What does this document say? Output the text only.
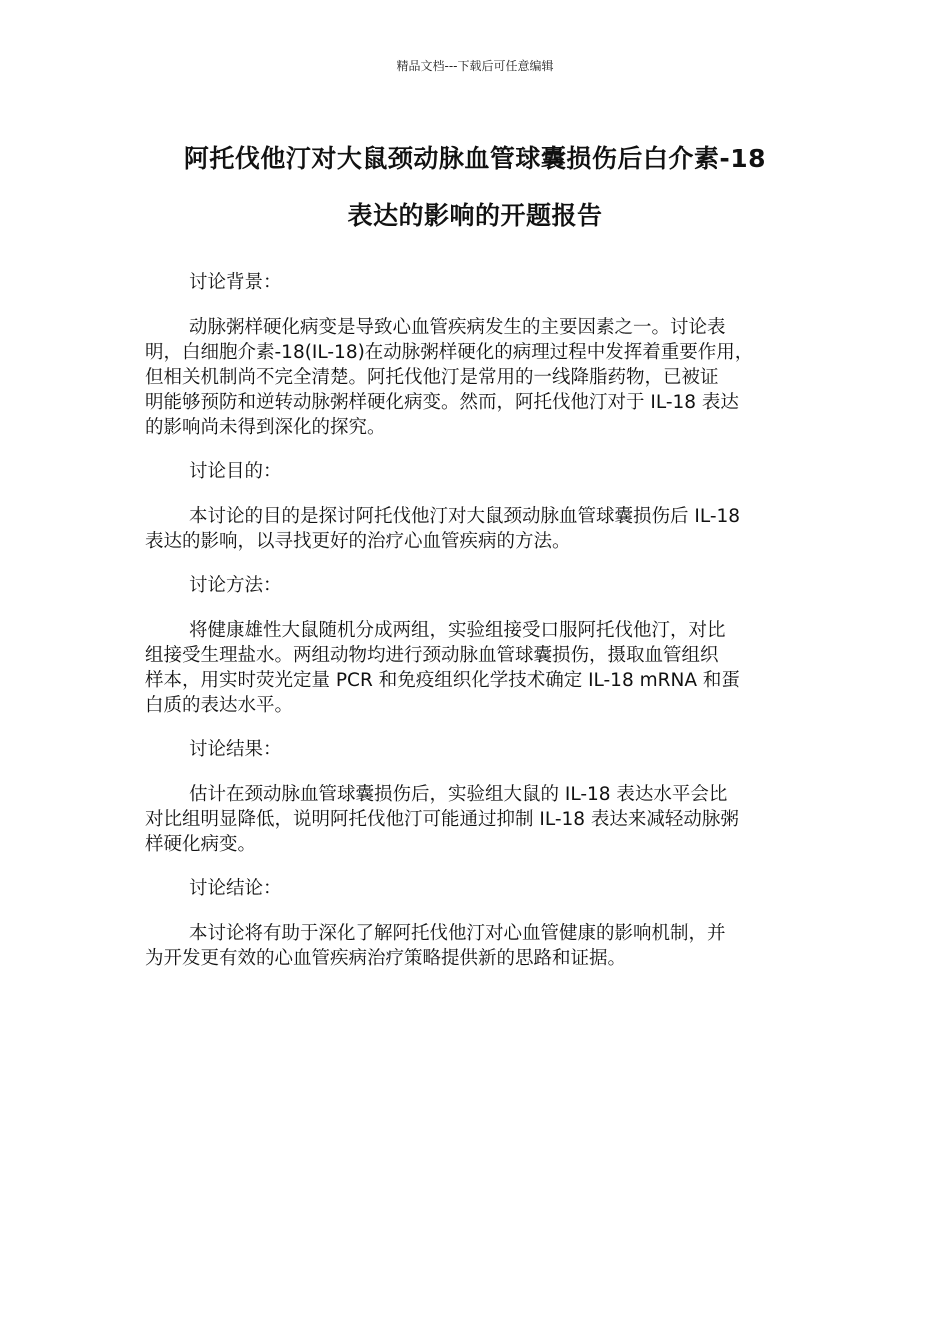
精品文档---下载后可任意编辑
阿托伐他汀对大鼠颈动脉血管球囊损伤后白介素-18
表达的影响的开题报告
讨论背景：
动脉粥样硬化病变是导致心血管疾病发生的主要因素之一。讨论表
明，白细胞介素-18(IL-18)在动脉粥样硬化的病理过程中发挥着重要作用，
但相关机制尚不完全清楚。阿托伐他汀是常用的一线降脂药物，已被证
明能够预防和逆转动脉粥样硬化病变。然而，阿托伐他汀对于 IL-18 表达
的影响尚未得到深化的探究。
讨论目的：
本讨论的目的是探讨阿托伐他汀对大鼠颈动脉血管球囊损伤后 IL-18
表达的影响，以寻找更好的治疗心血管疾病的方法。
讨论方法：
将健康雄性大鼠随机分成两组，实验组接受口服阿托伐他汀，对比
组接受生理盐水。两组动物均进行颈动脉血管球囊损伤，摄取血管组织
样本，用实时荧光定量 PCR 和免疫组织化学技术确定 IL-18 mRNA 和蛋
白质的表达水平。
讨论结果：
估计在颈动脉血管球囊损伤后，实验组大鼠的 IL-18 表达水平会比
对比组明显降低，说明阿托伐他汀可能通过抑制 IL-18 表达来减轻动脉粥
样硬化病变。
讨论结论：
本讨论将有助于深化了解阿托伐他汀对心血管健康的影响机制，并
为开发更有效的心血管疾病治疗策略提供新的思路和证据。
